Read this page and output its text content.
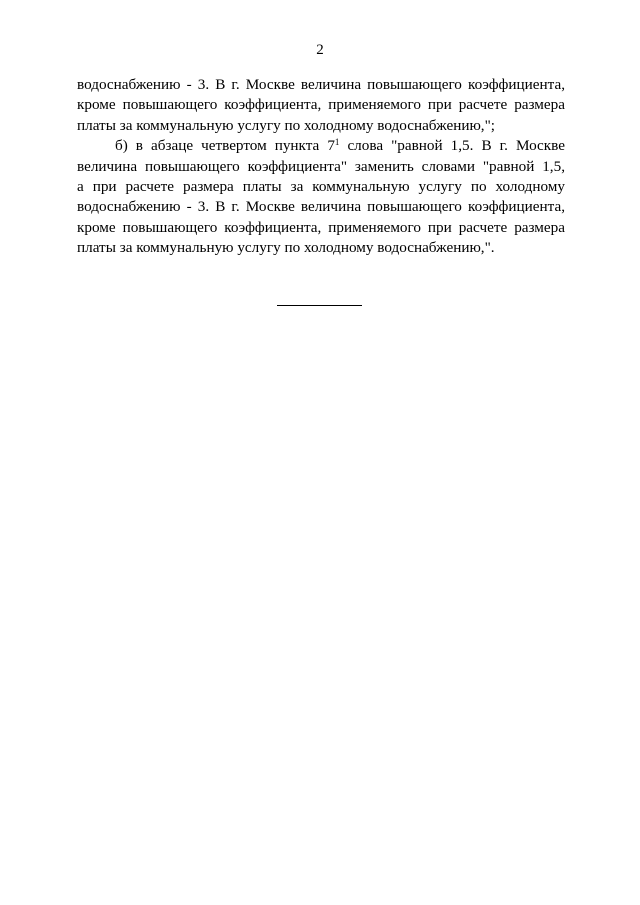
2

водоснабжению - 3. В г. Москве величина повышающего коэффициента,
кроме повышающего коэффициента, применяемого при расчете размера
платы за коммунальную услугу по холодному водоснабжению,";

б) в абзаце четвертом пункта $7^1$ слова "равной 1,5. В г. Москве
величина повышающего коэффициента" заменить словами "равной 1,5,
а при расчете размера платы за коммунальную услугу по холодному
водоснабжению - 3. В г. Москве величина повышающего коэффициента,
кроме повышающего коэффициента, применяемого при расчете размера
платы за коммунальную услугу по холодному водоснабжению,".
